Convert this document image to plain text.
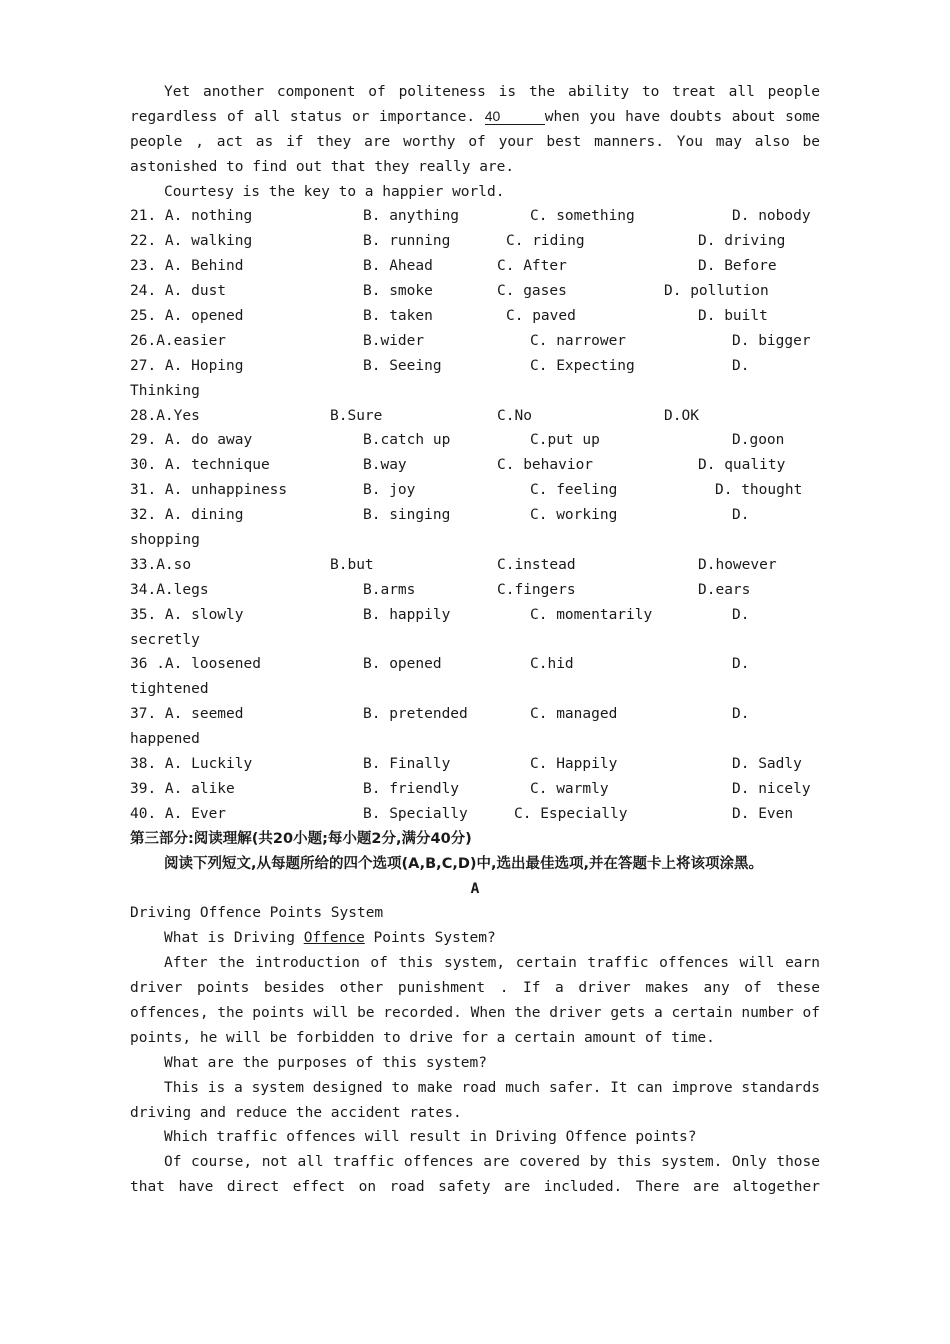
Yet another component of politeness is the ability to treat all people
regardless of all status or importance. 40	when you have doubts about some
people , act as if they are worthy of your best manners. You may also be
astonished to find out that they really are.
Courtesy is the key to a happier world.
21. A. nothing	B. anything	C. something	D. nobody
22. A. walking	B. running	C. riding	D. driving
23. A. Behind	B. Ahead	C. After	D. Before
24. A. dust	B. smoke	C. gases	D. pollution
25. A. opened	B. taken	C. paved	D. built
26.A.easier	B.wider	C. narrower	D. bigger
27. A. Hoping	B. Seeing	C. Expecting	D.
Thinking
28.A.Yes	B.Sure	C.No	D.OK
29. A. do away	B.catch up	C.put up	D.goon
30. A. technique	B.way	C. behavior	D. quality
31. A. unhappiness	B. joy	C. feeling	D. thought
32. A. dining	B. singing	C. working	D.
shopping
33.A.so	B.but	C.instead	D.however
34.A.legs	B.arms	C.fingers	D.ears
35. A. slowly	B. happily	C. momentarily	D.
secretly
36 .A. loosened	B. opened	C.hid	D.
tightened
37. A. seemed	B. pretended	C. managed	D.
happened
38. A. Luckily	B. Finally	C. Happily	D. Sadly
39. A. alike	B. friendly	C. warmly	D. nicely
40. A. Ever	B. Specially	C. Especially	D. Even
第三部分:阅读理解(共20小题;每小题2分,满分40分)
阅读下列短文,从每题所给的四个选项(A,B,C,D)中,选出最佳选项,并在答题卡上将该项涂黑。
A
Driving Offence Points System
What is Driving Offence Points System?
After the introduction of this system, certain traffic offences will earn
driver points besides other punishment . If a driver makes any of these
offences, the points will be recorded. When the driver gets a certain number of
points, he will be forbidden to drive for a certain amount of time.
What are the purposes of this system?
This is a system designed to make road much safer. It can improve standards
driving and reduce the accident rates.
Which traffic offences will result in Driving Offence points?
Of course, not all traffic offences are covered by this system. Only those
that have direct effect on road safety are included. There are altogether
